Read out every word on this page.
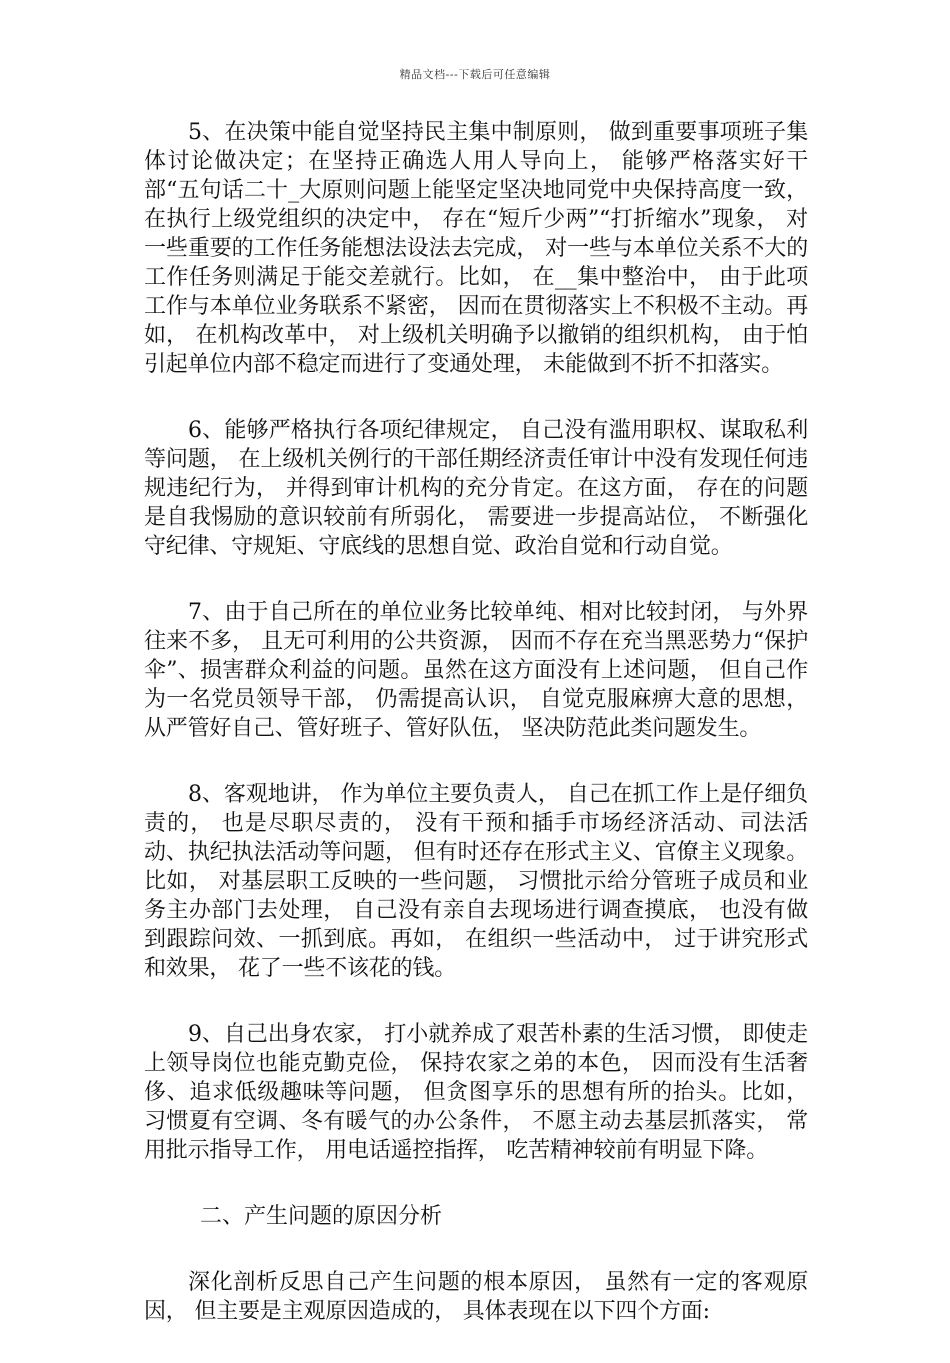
精品文档---下载后可任意编辑

5、在决策中能自觉坚持民主集中制原则， 做到重要事项班子集体讨论做决定；在坚持正确选人用人导向上， 能够严格落实好干部“五句话二十_大原则问题上能坚定坚决地同党中央保持高度一致， 在执行上级党组织的决定中， 存在“短斤少两”“打折缩水”现象， 对一些重要的工作任务能想法设法去完成， 对一些与本单位关系不大的工作任务则满足于能交差就行。比如， 在__集中整治中， 由于此项工作与本单位业务联系不紧密， 因而在贯彻落实上不积极不主动。再如， 在机构改革中， 对上级机关明确予以撤销的组织机构， 由于怕引起单位内部不稳定而进行了变通处理， 未能做到不折不扣落实。

6、能够严格执行各项纪律规定， 自己没有滥用职权、谋取私利等问题， 在上级机关例行的干部任期经济责任审计中没有发现任何违规违纪行为， 并得到审计机构的充分肯定。在这方面， 存在的问题是自我惕励的意识较前有所弱化， 需要进一步提高站位， 不断强化守纪律、守规矩、守底线的思想自觉、政治自觉和行动自觉。

7、由于自己所在的单位业务比较单纯、相对比较封闭， 与外界往来不多， 且无可利用的公共资源， 因而不存在充当黑恶势力“保护伞”、损害群众利益的问题。虽然在这方面没有上述问题， 但自己作为一名党员领导干部， 仍需提高认识， 自觉克服麻痹大意的思想， 从严管好自己、管好班子、管好队伍， 坚决防范此类问题发生。

8、客观地讲， 作为单位主要负责人， 自己在抓工作上是仔细负责的， 也是尽职尽责的， 没有干预和插手市场经济活动、司法活动、执纪执法活动等问题， 但有时还存在形式主义、官僚主义现象。比如， 对基层职工反映的一些问题， 习惯批示给分管班子成员和业务主办部门去处理， 自己没有亲自去现场进行调查摸底， 也没有做到跟踪问效、一抓到底。再如， 在组织一些活动中， 过于讲究形式和效果， 花了一些不该花的钱。

9、自己出身农家， 打小就养成了艰苦朴素的生活习惯， 即使走上领导岗位也能克勤克俭， 保持农家之弟的本色， 因而没有生活奢侈、追求低级趣味等问题， 但贪图享乐的思想有所的抬头。比如， 习惯夏有空调、冬有暖气的办公条件， 不愿主动去基层抓落实， 常用批示指导工作， 用电话遥控指挥， 吃苦精神较前有明显下降。

二、产生问题的原因分析

深化剖析反思自己产生问题的根本原因， 虽然有一定的客观原因， 但主要是主观原因造成的， 具体表现在以下四个方面:
